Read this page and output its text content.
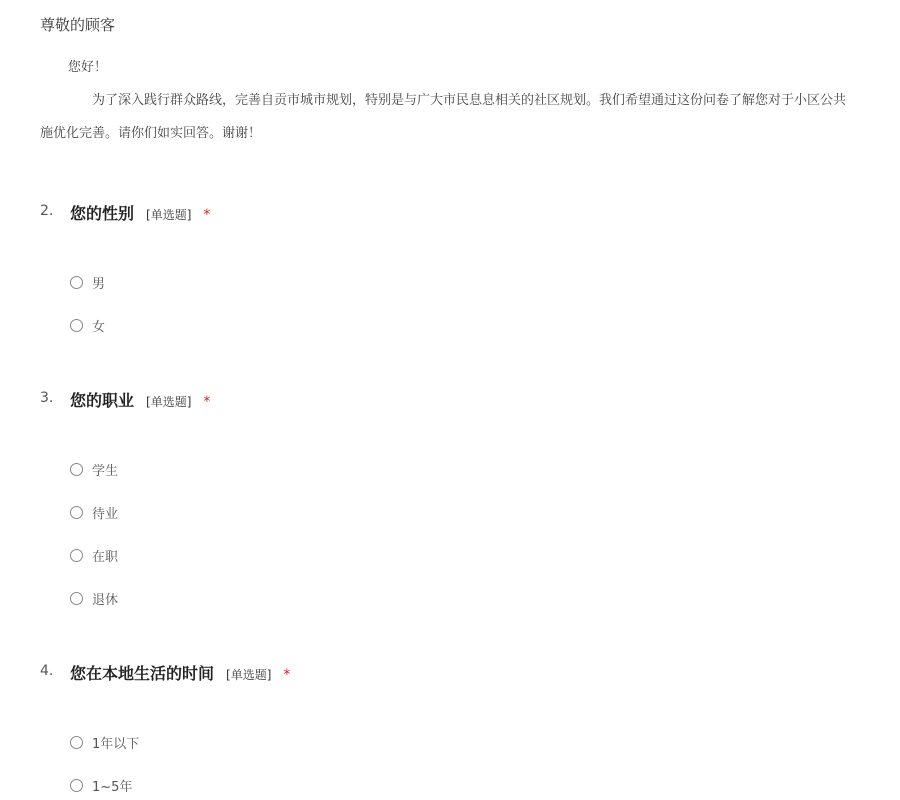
尊敬的顾客
您好！
为了深入践行群众路线，完善自贡市城市规划，特别是与广大市民息息相关的社区规划。我们希望通过这份问卷了解您对于小区公共
施优化完善。请你们如实回答。谢谢！
2. 您的性别 [单选题] *
男
女
3. 您的职业 [单选题] *
学生
待业
在职
退休
4. 您在本地生活的时间 [单选题] *
1年以下
1~5年
